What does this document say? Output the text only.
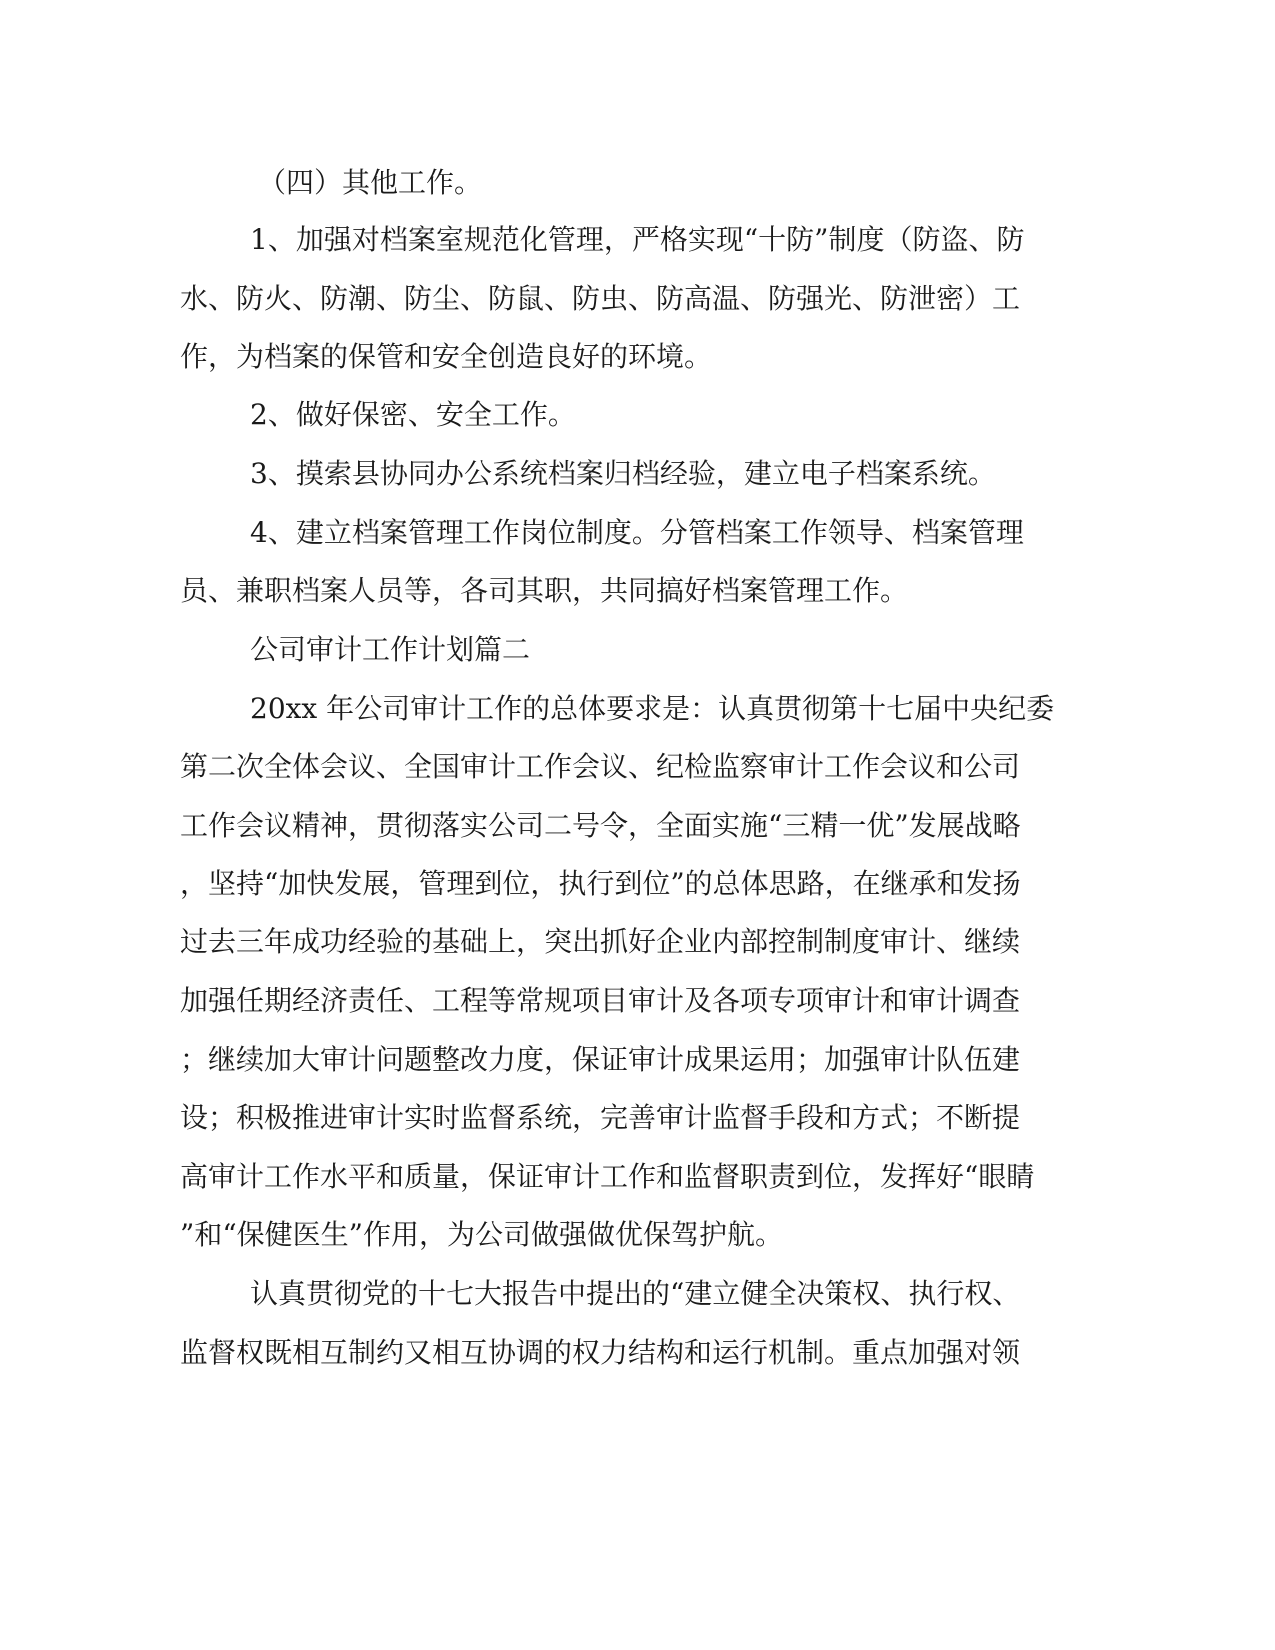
（四）其他工作。

1、加强对档案室规范化管理，严格实现“十防”制度（防盗、防

水、防火、防潮、防尘、防鼠、防虫、防高温、防强光、防泄密）工

作，为档案的保管和安全创造良好的环境。

2、做好保密、安全工作。

3、摸索县协同办公系统档案归档经验，建立电子档案系统。

4、建立档案管理工作岗位制度。分管档案工作领导、档案管理

员、兼职档案人员等，各司其职，共同搞好档案管理工作。

公司审计工作计划篇二

20xx 年公司审计工作的总体要求是：认真贯彻第十七届中央纪委

第二次全体会议、全国审计工作会议、纪检监察审计工作会议和公司

工作会议精神，贯彻落实公司二号令，全面实施“三精一优”发展战略

，坚持“加快发展，管理到位，执行到位”的总体思路，在继承和发扬

过去三年成功经验的基础上，突出抓好企业内部控制制度审计、继续

加强任期经济责任、工程等常规项目审计及各项专项审计和审计调查

；继续加大审计问题整改力度，保证审计成果运用；加强审计队伍建

设；积极推进审计实时监督系统，完善审计监督手段和方式；不断提

高审计工作水平和质量，保证审计工作和监督职责到位，发挥好“眼睛

”和“保健医生”作用，为公司做强做优保驾护航。

认真贯彻党的十七大报告中提出的“建立健全决策权、执行权、

监督权既相互制约又相互协调的权力结构和运行机制。重点加强对领
